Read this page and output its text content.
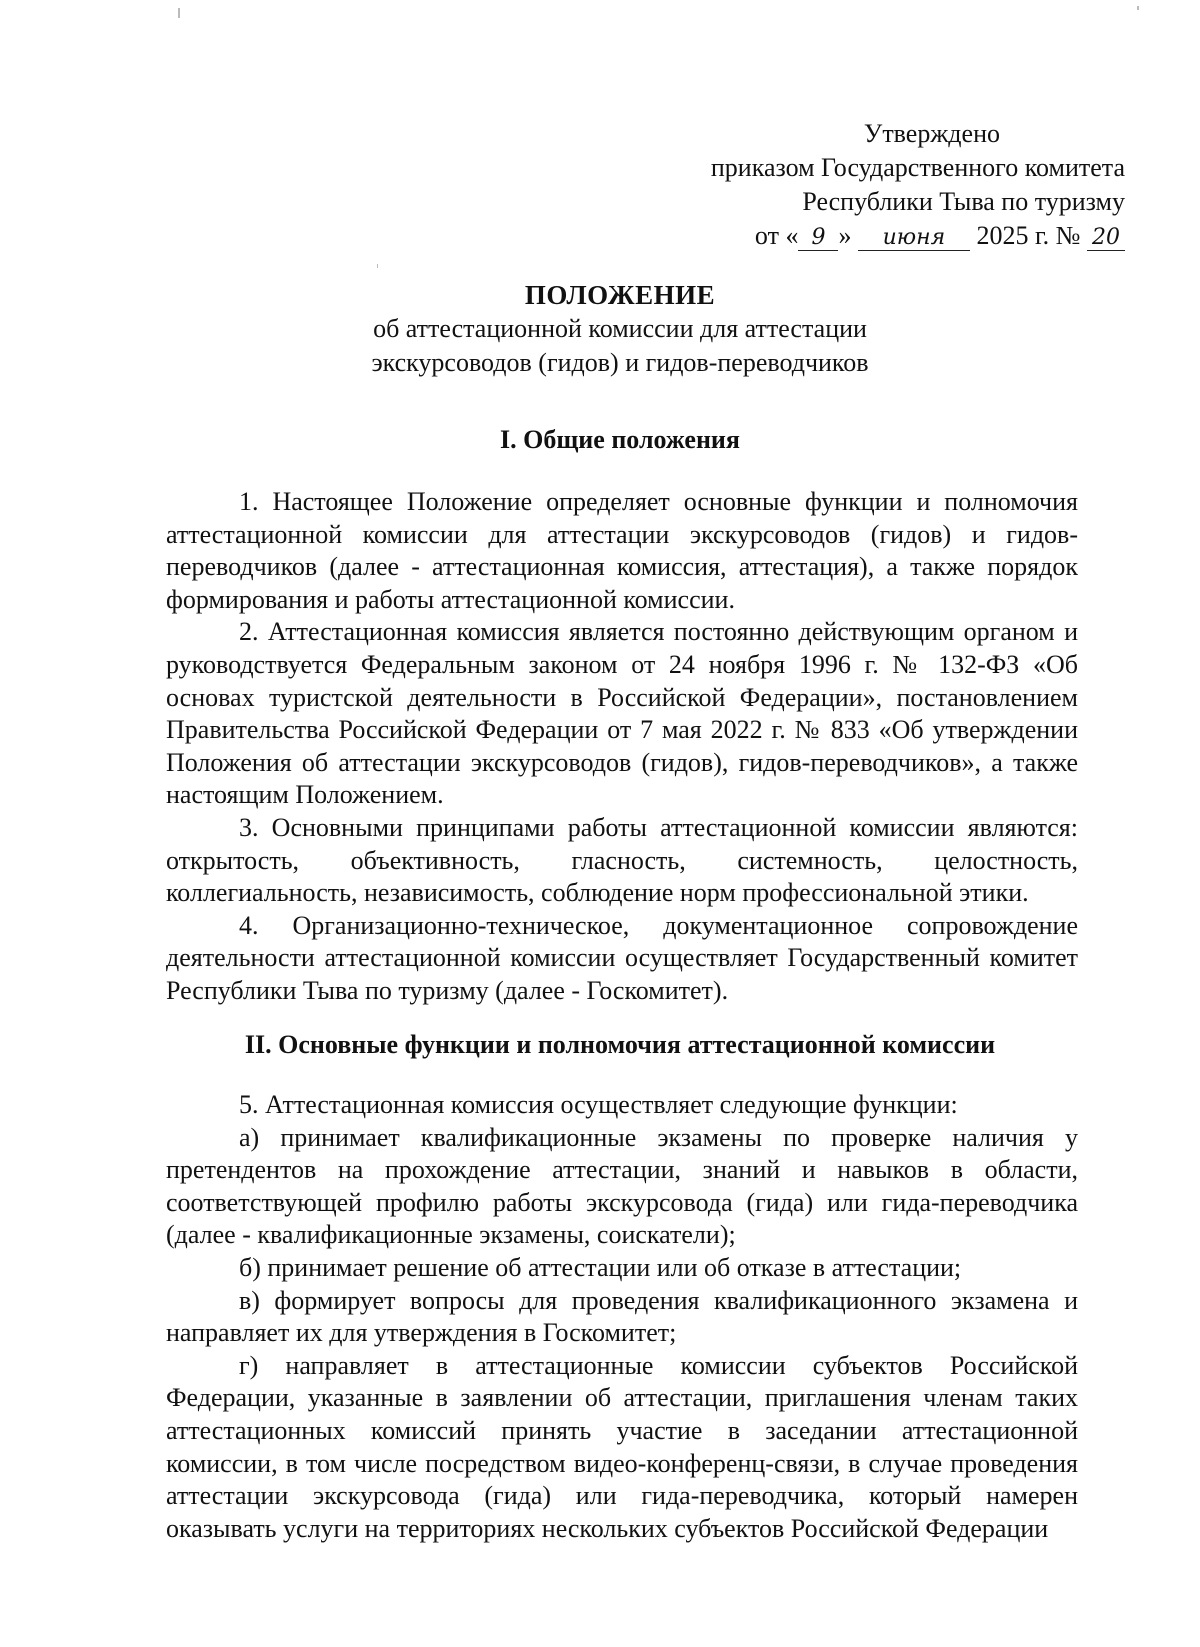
Утверждено
приказом Государственного комитета
Республики Тыва по туризму
от « 9 » июня 2025 г. № 20
ПОЛОЖЕНИЕ
об аттестационной комиссии для аттестации
экскурсоводов (гидов) и гидов-переводчиков
I. Общие положения

1. Настоящее Положение определяет основные функции и полномочия аттестационной комиссии для аттестации экскурсоводов (гидов) и гидов-переводчиков (далее - аттестационная комиссия, аттестация), а также порядок формирования и работы аттестационной комиссии.

2. Аттестационная комиссия является постоянно действующим органом и руководствуется Федеральным законом от 24 ноября 1996 г. № 132-ФЗ «Об основах туристской деятельности в Российской Федерации», постановлением Правительства Российской Федерации от 7 мая 2022 г. № 833 «Об утверждении Положения об аттестации экскурсоводов (гидов), гидов-переводчиков», а также настоящим Положением.

3. Основными принципами работы аттестационной комиссии являются: открытость, объективность, гласность, системность, целостность, коллегиальность, независимость, соблюдение норм профессиональной этики.

4. Организационно-техническое, документационное сопровождение деятельности аттестационной комиссии осуществляет Государственный комитет Республики Тыва по туризму (далее - Госкомитет).

II. Основные функции и полномочия аттестационной комиссии

5. Аттестационная комиссия осуществляет следующие функции:

а) принимает квалификационные экзамены по проверке наличия у претендентов на прохождение аттестации, знаний и навыков в области, соответствующей профилю работы экскурсовода (гида) или гида-переводчика (далее - квалификационные экзамены, соискатели);

б) принимает решение об аттестации или об отказе в аттестации;

в) формирует вопросы для проведения квалификационного экзамена и направляет их для утверждения в Госкомитет;

г) направляет в аттестационные комиссии субъектов Российской Федерации, указанные в заявлении об аттестации, приглашения членам таких аттестационных комиссий принять участие в заседании аттестационной комиссии, в том числе посредством видео-конференц-связи, в случае проведения аттестации экскурсовода (гида) или гида-переводчика, который намерен оказывать услуги на территориях нескольких субъектов Российской Федерации
